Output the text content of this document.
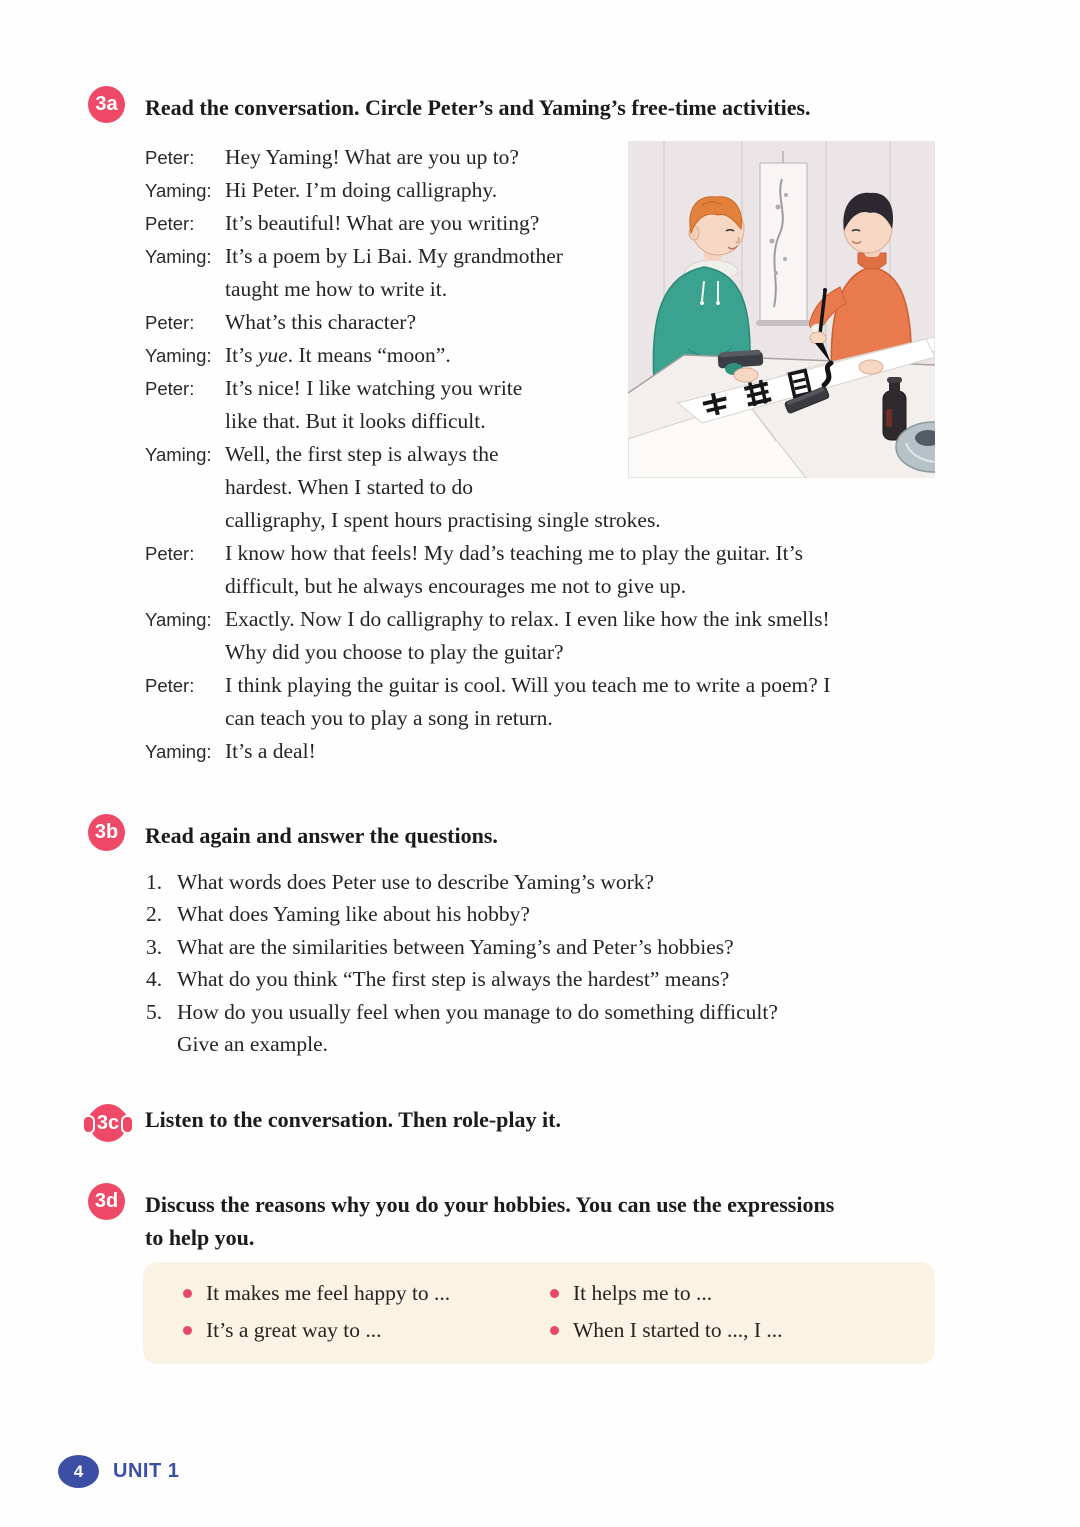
3a	Read the conversation. Circle Peter’s and Yaming’s free-time activities.
Peter:	Hey Yaming! What are you up to?
Yaming: Hi Peter. I’m doing calligraphy.
Peter:	It’s beautiful! What are you writing?
Yaming: It’s a poem by Li Bai. My grandmother
taught me how to write it.
Peter:	What’s this character?
Yaming: It’s yue. It means “moon”.
Peter:	It’s nice! I like watching you write
like that. But it looks difficult.
Yaming: Well, the first step is always the
hardest. When I started to do
calligraphy, I spent hours practising single strokes.
Peter:	I know how that feels! My dad’s teaching me to play the guitar. It’s
difficult, but he always encourages me not to give up.
Yaming: Exactly. Now I do calligraphy to relax. I even like how the ink smells!
Why did you choose to play the guitar?
Peter:	I think playing the guitar is cool. Will you teach me to write a poem? I
can teach you to play a song in return.
Yaming: It’s a deal!
3b	Read again and answer the questions.
1. What words does Peter use to describe Yaming’s work?
2. What does Yaming like about his hobby?
3. What are the similarities between Yaming’s and Peter’s hobbies?
4. What do you think “The first step is always the hardest” means?
5. How do you usually feel when you manage to do something difficult?
Give an example.
3c	Listen to the conversation. Then role-play it.
3d	Discuss the reasons why you do your hobbies. You can use the expressions
to help you.
It makes me feel happy to ...
It’s a great way to ...
It helps me to ...
When I started to ..., I ...
4	UNIT 1
